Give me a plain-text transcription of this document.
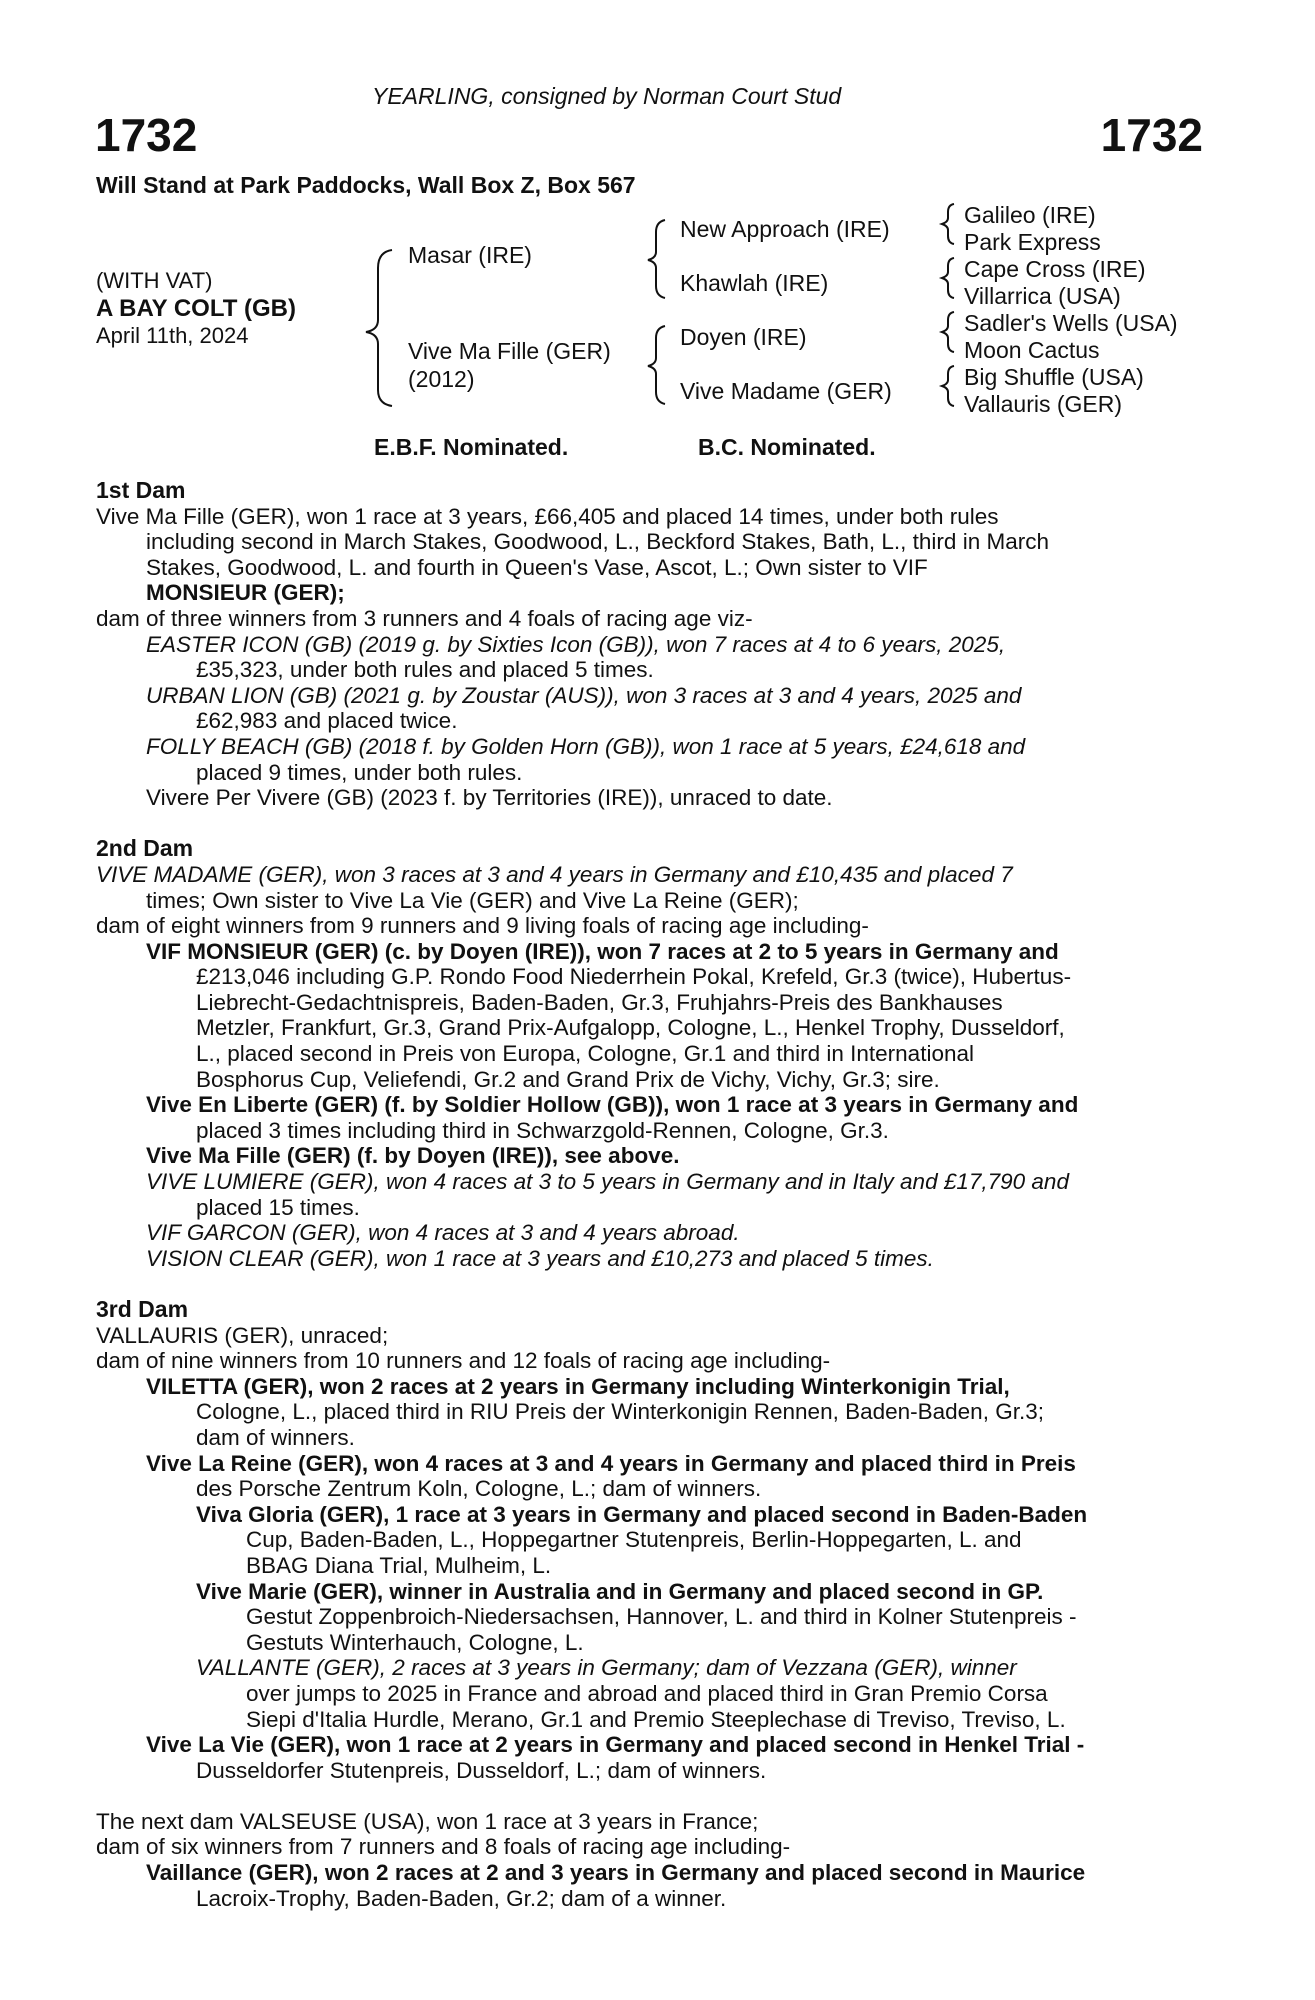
YEARLING, consigned by Norman Court Stud
1732	1732
Will Stand at Park Paddocks, Wall Box Z, Box 567
(WITH VAT)
A BAY COLT (GB)
April 11th, 2024
Masar (IRE)
Vive Ma Fille (GER)
(2012)
New Approach (IRE)
Khawlah (IRE)
Doyen (IRE)
Vive Madame (GER)
Galileo (IRE)
Park Express
Cape Cross (IRE)
Villarrica (USA)
Sadler's Wells (USA)
Moon Cactus
Big Shuffle (USA)
Vallauris (GER)
E.B.F. Nominated.	B.C. Nominated.
1st Dam
Vive Ma Fille (GER), won 1 race at 3 years, £66,405 and placed 14 times, under both rules
including second in March Stakes, Goodwood, L., Beckford Stakes, Bath, L., third in March
Stakes, Goodwood, L. and fourth in Queen's Vase, Ascot, L.; Own sister to VIF
MONSIEUR (GER);
dam of three winners from 3 runners and 4 foals of racing age viz-
EASTER ICON (GB) (2019 g. by Sixties Icon (GB)), won 7 races at 4 to 6 years, 2025,
£35,323, under both rules and placed 5 times.
URBAN LION (GB) (2021 g. by Zoustar (AUS)), won 3 races at 3 and 4 years, 2025 and
£62,983 and placed twice.
FOLLY BEACH (GB) (2018 f. by Golden Horn (GB)), won 1 race at 5 years, £24,618 and
placed 9 times, under both rules.
Vivere Per Vivere (GB) (2023 f. by Territories (IRE)), unraced to date.
2nd Dam
VIVE MADAME (GER), won 3 races at 3 and 4 years in Germany and £10,435 and placed 7
times; Own sister to Vive La Vie (GER) and Vive La Reine (GER);
dam of eight winners from 9 runners and 9 living foals of racing age including-
VIF MONSIEUR (GER) (c. by Doyen (IRE)), won 7 races at 2 to 5 years in Germany and
£213,046 including G.P. Rondo Food Niederrhein Pokal, Krefeld, Gr.3 (twice), Hubertus-
Liebrecht-Gedachtnispreis, Baden-Baden, Gr.3, Fruhjahrs-Preis des Bankhauses
Metzler, Frankfurt, Gr.3, Grand Prix-Aufgalopp, Cologne, L., Henkel Trophy, Dusseldorf,
L., placed second in Preis von Europa, Cologne, Gr.1 and third in International
Bosphorus Cup, Veliefendi, Gr.2 and Grand Prix de Vichy, Vichy, Gr.3; sire.
Vive En Liberte (GER) (f. by Soldier Hollow (GB)), won 1 race at 3 years in Germany and
placed 3 times including third in Schwarzgold-Rennen, Cologne, Gr.3.
Vive Ma Fille (GER) (f. by Doyen (IRE)), see above.
VIVE LUMIERE (GER), won 4 races at 3 to 5 years in Germany and in Italy and £17,790 and
placed 15 times.
VIF GARCON (GER), won 4 races at 3 and 4 years abroad.
VISION CLEAR (GER), won 1 race at 3 years and £10,273 and placed 5 times.
3rd Dam
VALLAURIS (GER), unraced;
dam of nine winners from 10 runners and 12 foals of racing age including-
VILETTA (GER), won 2 races at 2 years in Germany including Winterkonigin Trial,
Cologne, L., placed third in RIU Preis der Winterkonigin Rennen, Baden-Baden, Gr.3;
dam of winners.
Vive La Reine (GER), won 4 races at 3 and 4 years in Germany and placed third in Preis
des Porsche Zentrum Koln, Cologne, L.; dam of winners.
Viva Gloria (GER), 1 race at 3 years in Germany and placed second in Baden-Baden
Cup, Baden-Baden, L., Hoppegartner Stutenpreis, Berlin-Hoppegarten, L. and
BBAG Diana Trial, Mulheim, L.
Vive Marie (GER), winner in Australia and in Germany and placed second in GP.
Gestut Zoppenbroich-Niedersachsen, Hannover, L. and third in Kolner Stutenpreis -
Gestuts Winterhauch, Cologne, L.
VALLANTE (GER), 2 races at 3 years in Germany; dam of Vezzana (GER), winner
over jumps to 2025 in France and abroad and placed third in Gran Premio Corsa
Siepi d'Italia Hurdle, Merano, Gr.1 and Premio Steeplechase di Treviso, Treviso, L.
Vive La Vie (GER), won 1 race at 2 years in Germany and placed second in Henkel Trial -
Dusseldorfer Stutenpreis, Dusseldorf, L.; dam of winners.
The next dam VALSEUSE (USA), won 1 race at 3 years in France;
dam of six winners from 7 runners and 8 foals of racing age including-
Vaillance (GER), won 2 races at 2 and 3 years in Germany and placed second in Maurice
Lacroix-Trophy, Baden-Baden, Gr.2; dam of a winner.
